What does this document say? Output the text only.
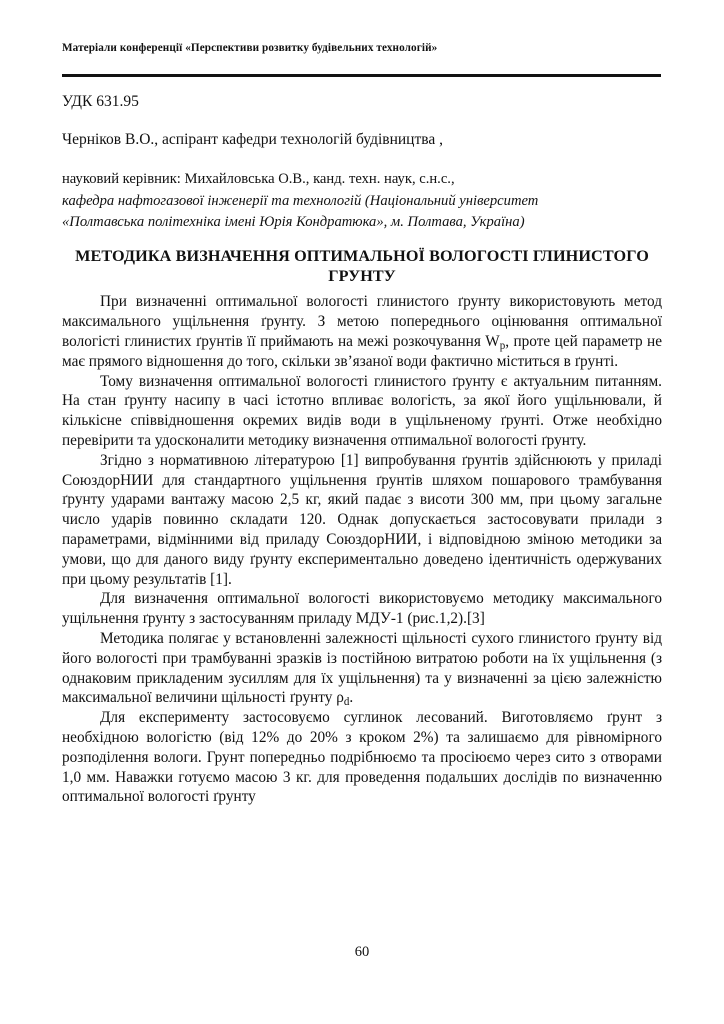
Матеріали конференції «Перспективи розвитку будівельних технологій»

УДК 631.95

Черніков В.О., аспірант кафедри технологій будівництва ,

науковий керівник: Михайловська О.В., канд. техн. наук, с.н.с.,

кафедра нафтогазової інженерії та технологій (Національний університет
«Полтавська політехніка імені Юрія Кондратюка», м. Полтава, Україна)

МЕТОДИКА ВИЗНАЧЕННЯ ОПТИМАЛЬНОЇ ВОЛОГОСТІ ГЛИНИСТОГО ГРУНТУ

При визначенні оптимальної вологості глинистого ґрунту використовують метод максимального ущільнення ґрунту. З метою попереднього оцінювання оптимальної вологісті глинистих ґрунтів її приймають на межі розкочування $W_p$, проте цей параметр не має прямого відношення до того, скільки зв’язаної води фактично міститься в ґрунті.

Тому визначення оптимальної вологості глинистого ґрунту є актуальним питанням. На стан ґрунту насипу в часі істотно впливає вологість, за якої його ущільнювали, й кількісне співвідношення окремих видів води в ущільненому ґрунті. Отже необхідно перевірити та удосконалити методику визначення отпимальної вологості ґрунту.

Згідно з нормативною літературою [1] випробування ґрунтів здійснюють у приладі СоюздорНИИ для стандартного ущільнення ґрунтів шляхом пошарового трамбування ґрунту ударами вантажу масою 2,5 кг, який падає з висоти 300 мм, при цьому загальне число ударів повинно складати 120. Однак допускається застосовувати прилади з параметрами, відмінними від приладу СоюздорНИИ, і відповідною зміною методики за умови, що для даного виду ґрунту експериментально доведено ідентичність одержуваних при цьому результатів [1].

Для визначення оптимальної вологості використовуємо методику максимального ущільнення ґрунту з застосуванням приладу МДУ-1 (рис.1,2).[3]

Методика полягає у встановленні залежності щільності сухого глинистого ґрунту від його вологості при трамбуванні зразків із постійною витратою роботи на їх ущільнення (з однаковим прикладеним зусиллям для їх ущільнення) та у визначенні за цією залежністю максимальної величини щільності ґрунту $\rho_d$.

Для експерименту застосовуємо суглинок лесований. Виготовляємо ґрунт з необхідною вологістю (від 12% до 20% з кроком 2%) та залишаємо для рівномірного розподілення вологи. Грунт попередньо подрібнюємо та просіюємо через сито з отворами 1,0 мм. Наважки готуємо масою 3 кг. для проведення подальших дослідів по визначенню оптимальної вологості ґрунту

60
